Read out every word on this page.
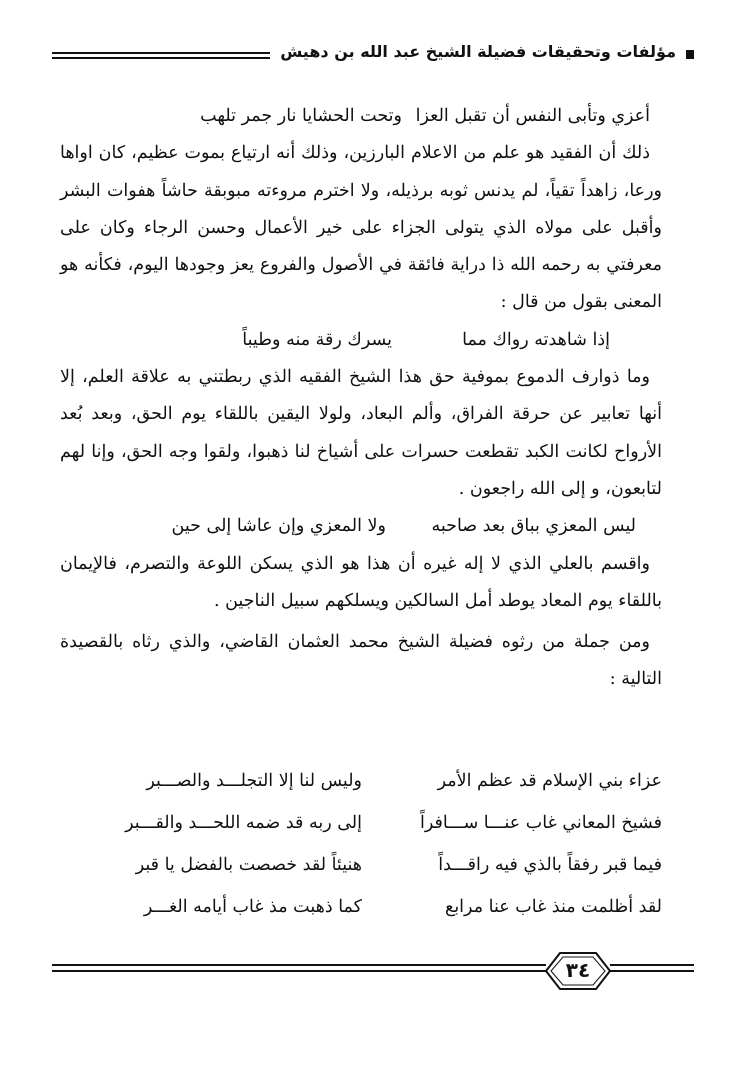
مؤلفات وتحقيقات فضيلة الشيخ عبد الله بن دهيش
أعزي وتأبى النفس أن تقبل العزا
وتحت الحشايا نار جمر تلهب

ذلك أن الفقيد هو علم من الاعلام البارزين، وذلك أنه ارتياع بموت عظيم، كان اواها ورعا، زاهداً تقياً، لم يدنس ثوبه برذيله، ولا اخترم مروءته مبوبقة حاشاً هفوات البشر وأقبل على مولاه الذي يتولى الجزاء على خير الأعمال وحسن الرجاء وكان على معرفتي به رحمه الله ذا دراية فائقة في الأصول والفروع يعز وجودها اليوم، فكأنه هو المعنى بقول من قال :

إذا شاهدته رواك مما
يسرك رقة منه وطيباً

وما ذوارف الدموع بموفية حق هذا الشيخ الفقيه الذي ربطتني به علاقة العلم، إلا أنها تعابير عن حرقة الفراق، وألم البعاد، ولولا اليقين باللقاء يوم الحق، وبعد بُعد الأرواح لكانت الكبد تقطعت حسرات على أشياخ لنا ذهبوا، ولقوا وجه الحق، وإنا لهم لتابعون، و إلى الله راجعون .

ليس المعزي بباق بعد صاحبه
ولا المعزي وإن عاشا إلى حين

واقسم بالعلي الذي لا إله غيره أن هذا هو الذي يسكن اللوعة والتصرم، فالإيمان باللقاء يوم المعاد يوطد أمل السالكين ويسلكهم سبيل الناجين .

ومن جملة من رثوه فضيلة الشيخ محمد العثمان القاضي، والذي رثاه بالقصيدة التالية :

عزاء بني الإسلام قد عظم الأمر
وليس لنا إلا التجلـــد والصـــبر
فشيخ المعاني غاب عنـــا ســـافراً
إلى ربه قد ضمه اللحـــد والقـــبر
فيما قبر رفقاً بالذي فيه راقـــداً
هنيئاً لقد خصصت بالفضل يا قبر
لقد أظلمت منذ غاب عنا مرابع
كما ذهبت مذ غاب أيامه الغـــر
٣٤
